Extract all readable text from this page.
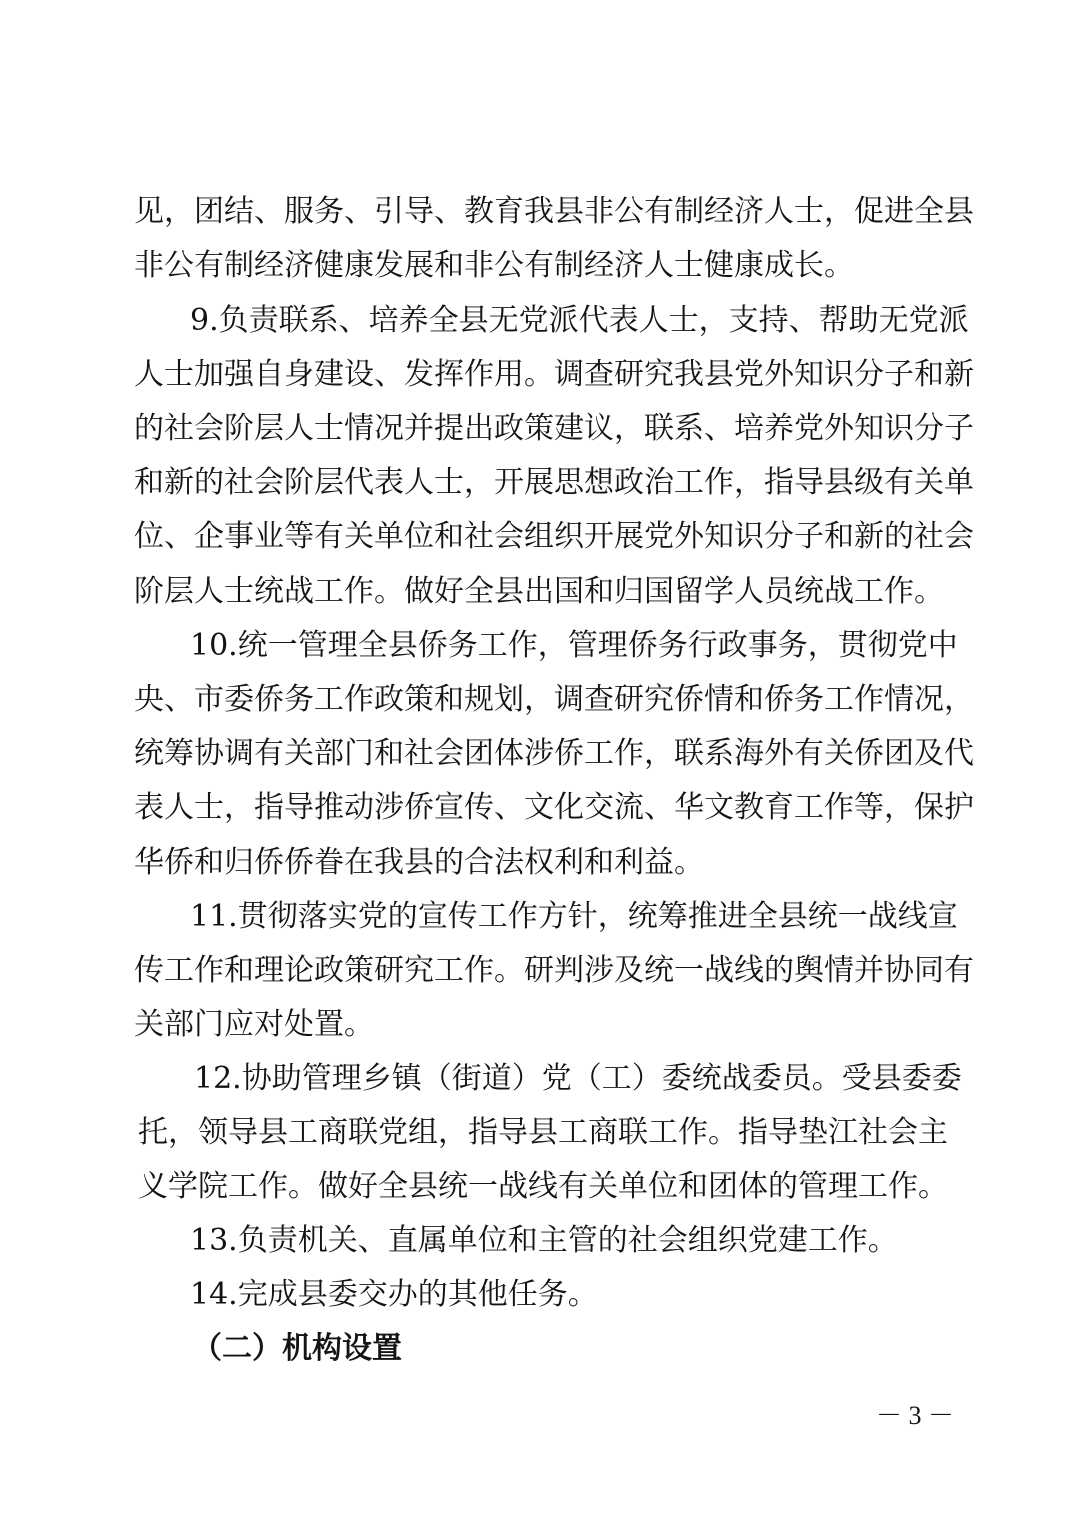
见，团结、服务、引导、教育我县非公有制经济人士，促进全县
非公有制经济健康发展和非公有制经济人士健康成长。
9.负责联系、培养全县无党派代表人士，支持、帮助无党派
人士加强自身建设、发挥作用。调查研究我县党外知识分子和新
的社会阶层人士情况并提出政策建议，联系、培养党外知识分子
和新的社会阶层代表人士，开展思想政治工作，指导县级有关单
位、企事业等有关单位和社会组织开展党外知识分子和新的社会
阶层人士统战工作。做好全县出国和归国留学人员统战工作。
10.统一管理全县侨务工作，管理侨务行政事务，贯彻党中
央、市委侨务工作政策和规划，调查研究侨情和侨务工作情况，
统筹协调有关部门和社会团体涉侨工作，联系海外有关侨团及代
表人士，指导推动涉侨宣传、文化交流、华文教育工作等，保护
华侨和归侨侨眷在我县的合法权利和利益。
11.贯彻落实党的宣传工作方针，统筹推进全县统一战线宣
传工作和理论政策研究工作。研判涉及统一战线的舆情并协同有
关部门应对处置。
12.协助管理乡镇（街道）党（工）委统战委员。受县委委
托，领导县工商联党组，指导县工商联工作。指导垫江社会主
义学院工作。做好全县统一战线有关单位和团体的管理工作。
13.负责机关、直属单位和主管的社会组织党建工作。
14.完成县委交办的其他任务。
（二）机构设置
－ 3 －
